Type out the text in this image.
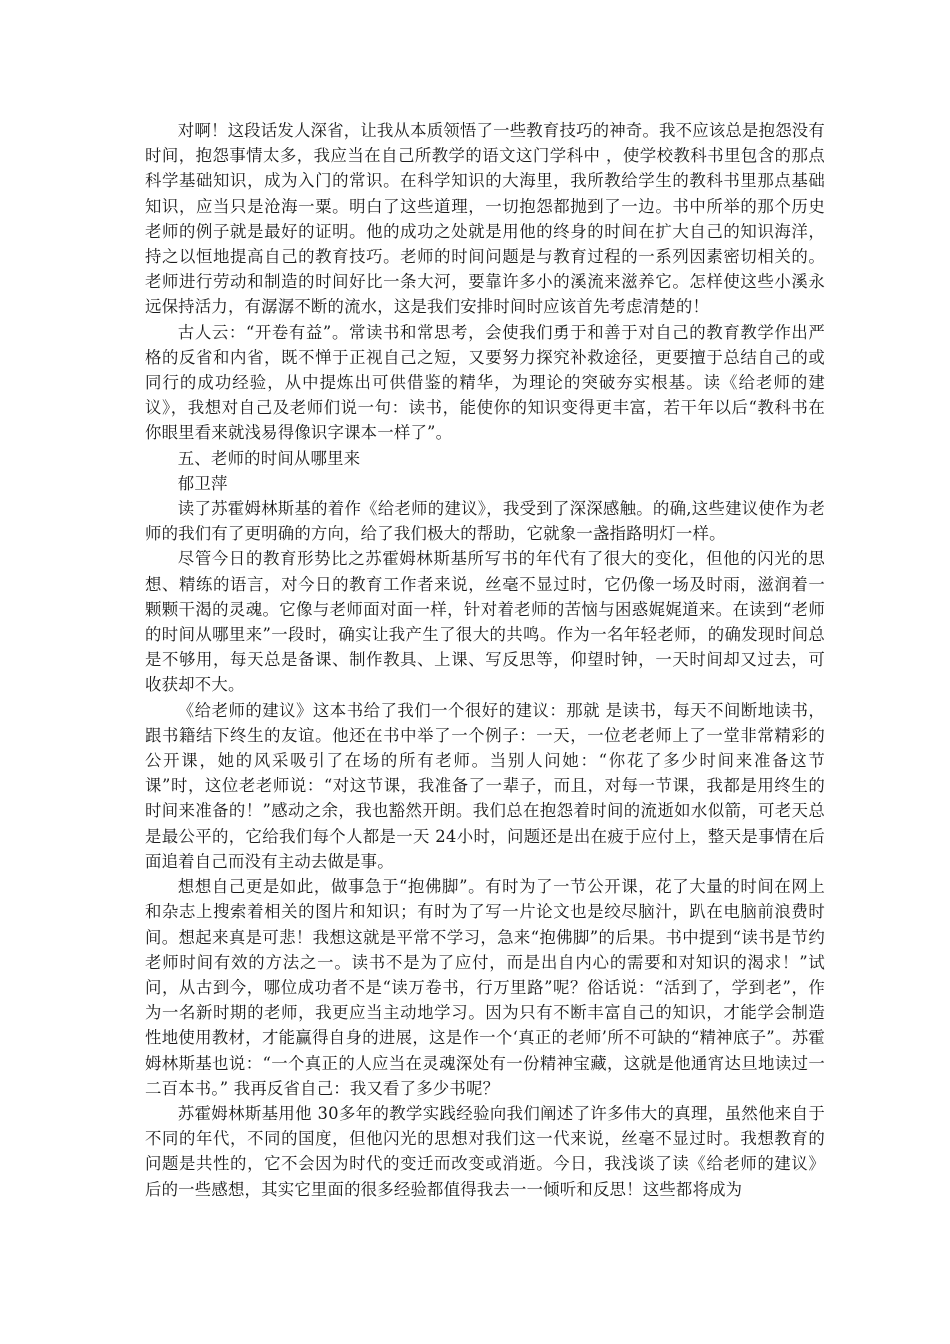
对啊！这段话发人深省，让我从本质领悟了一些教育技巧的神奇。我不应该总是抱怨没有时间，抱怨事情太多，我应当在自己所教学的语文这门学科中 ，使学校教科书里包含的那点科学基础知识，成为入门的常识。在科学知识的大海里，我所教给学生的教科书里那点基础知识，应当只是沧海一粟。明白了这些道理，一切抱怨都抛到了一边。书中所举的那个历史老师的例子就是最好的证明。他的成功之处就是用他的终身的时间在扩大自己的知识海洋，持之以恒地提高自己的教育技巧。老师的时间问题是与教育过程的一系列因素密切相关的。老师进行劳动和制造的时间好比一条大河，要靠许多小的溪流来滋养它。怎样使这些小溪永远保持活力，有潺潺不断的流水，这是我们安排时间时应该首先考虑清楚的！

古人云：“开卷有益”。常读书和常思考，会使我们勇于和善于对自己的教育教学作出严格的反省和内省，既不惮于正视自己之短，又要努力探究补救途径，更要擅于总结自己的或同行的成功经验，从中提炼出可供借鉴的精华，为理论的突破夯实根基。读《给老师的建议》，我想对自己及老师们说一句：读书，能使你的知识变得更丰富，若干年以后“教科书在你眼里看来就浅易得像识字课本一样了”。

五、老师的时间从哪里来

郁卫萍

读了苏霍姆林斯基的着作《给老师的建议》，我受到了深深感触。的确,这些建议使作为老师的我们有了更明确的方向，给了我们极大的帮助，它就象一盏指路明灯一样。

尽管今日的教育形势比之苏霍姆林斯基所写书的年代有了很大的变化，但他的闪光的思想、精练的语言，对今日的教育工作者来说，丝毫不显过时，它仍像一场及时雨，滋润着一颗颗干渴的灵魂。它像与老师面对面一样，针对着老师的苦恼与困惑娓娓道来。在读到“老师的时间从哪里来”一段时，确实让我产生了很大的共鸣。作为一名年轻老师，的确发现时间总是不够用，每天总是备课、制作教具、上课、写反思等，仰望时钟，一天时间却又过去，可收获却不大。

《给老师的建议》这本书给了我们一个很好的建议：那就 是读书，每天不间断地读书，跟书籍结下终生的友谊。他还在书中举了一个例子：一天，一位老老师上了一堂非常精彩的公开课，她的风采吸引了在场的所有老师。当别人问她：“你花了多少时间来准备这节课”时，这位老老师说：“对这节课，我准备了一辈子，而且，对每一节课，我都是用终生的时间来准备的！”感动之余，我也豁然开朗。我们总在抱怨着时间的流逝如水似箭，可老天总是最公平的，它给我们每个人都是一天 24小时，问题还是出在疲于应付上，整天是事情在后面追着自己而没有主动去做是事。

想想自己更是如此，做事急于“抱佛脚”。有时为了一节公开课，花了大量的时间在网上和杂志上搜索着相关的图片和知识；有时为了写一片论文也是绞尽脑汁，趴在电脑前浪费时间。想起来真是可悲！我想这就是平常不学习，急来“抱佛脚”的后果。书中提到“读书是节约老师时间有效的方法之一。读书不是为了应付，而是出自内心的需要和对知识的渴求！”试问，从古到今，哪位成功者不是“读万卷书，行万里路”呢？俗话说：“活到了，学到老”，作为一名新时期的老师，我更应当主动地学习。因为只有不断丰富自己的知识，才能学会制造性地使用教材，才能赢得自身的进展，这是作一个‘真正的老师’所不可缺的“精神底子”。苏霍姆林斯基也说：“一个真正的人应当在灵魂深处有一份精神宝藏，这就是他通宵达旦地读过一二百本书。” 我再反省自己：我又看了多少书呢？

苏霍姆林斯基用他 30多年的教学实践经验向我们阐述了许多伟大的真理，虽然他来自于不同的年代，不同的国度，但他闪光的思想对我们这一代来说，丝毫不显过时。我想教育的问题是共性的，它不会因为时代的变迁而改变或消逝。今日，我浅谈了读《给老师的建议》后的一些感想，其实它里面的很多经验都值得我去一一倾听和反思！这些都将成为
